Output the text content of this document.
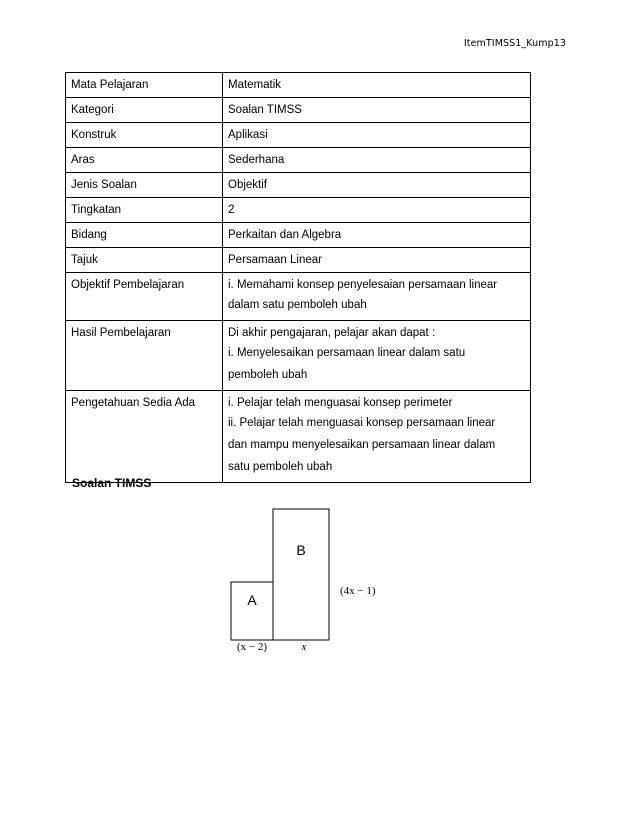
ItemTIMSS1_Kump13
Mata Pelajaran	Matematik

Kategori	Soalan TIMSS

Konstruk	Aplikasi

Aras	Sederhana

Jenis Soalan	Objektif

Tingkatan	2

Bidang	Perkaitan dan Algebra

Tajuk	Persamaan Linear

Objektif Pembelajaran	i. Memahami konsep penyelesaian persamaan linear
dalam satu pemboleh ubah

Hasil Pembelajaran	Di akhir pengajaran, pelajar akan dapat :
i. Menyelesaikan persamaan linear dalam satu
pemboleh ubah

Pengetahuan Sedia Ada	i. Pelajar telah menguasai konsep perimeter
ii. Pelajar telah menguasai konsep persamaan linear
dan mampu menyelesaikan persamaan linear dalam
satu pemboleh ubah
Soalan TIMSS
A
B
(4x − 1)
(x − 2)	x
